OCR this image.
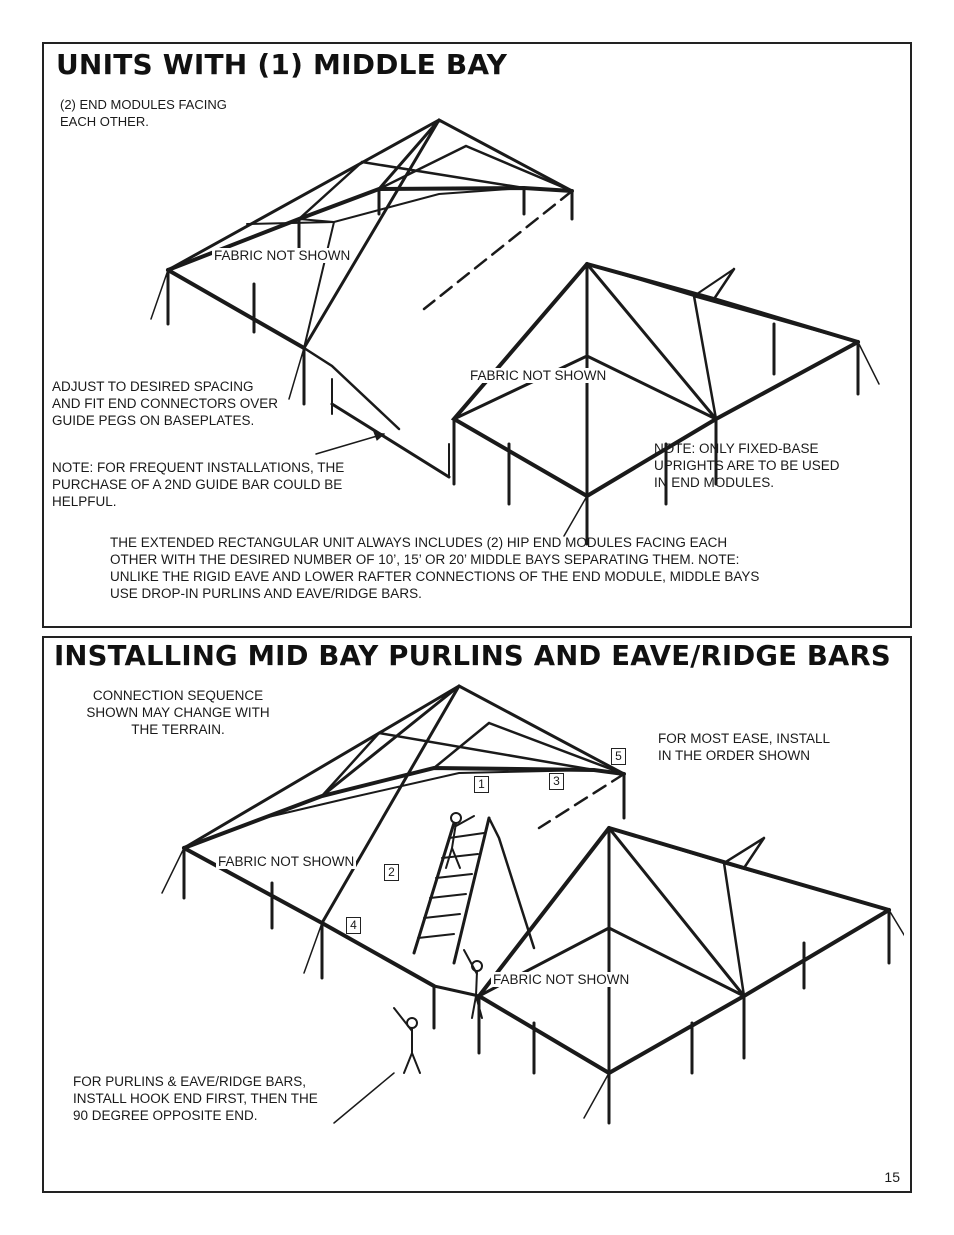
UNITS WITH (1) MIDDLE BAY
(2) END MODULES FACING
EACH OTHER.
FABRIC NOT SHOWN
FABRIC NOT SHOWN
ADJUST TO DESIRED SPACING
AND FIT END CONNECTORS OVER
GUIDE PEGS ON BASEPLATES.
NOTE: FOR FREQUENT INSTALLATIONS, THE
PURCHASE OF A 2ND GUIDE BAR COULD BE
HELPFUL.
NOTE: ONLY FIXED-BASE
UPRIGHTS ARE TO BE USED
IN END MODULES.
THE EXTENDED RECTANGULAR UNIT ALWAYS INCLUDES (2) HIP END MODULES FACING EACH
OTHER WITH THE DESIRED NUMBER OF 10’, 15’ OR 20’ MIDDLE BAYS SEPARATING THEM. NOTE:
UNLIKE THE RIGID EAVE AND LOWER RAFTER CONNECTIONS OF THE END MODULE, MIDDLE BAYS
USE DROP-IN PURLINS AND EAVE/RIDGE BARS.
INSTALLING MID BAY PURLINS AND EAVE/RIDGE BARS
CONNECTION SEQUENCE
SHOWN MAY CHANGE WITH
THE TERRAIN.
FOR MOST EASE, INSTALL
IN THE ORDER SHOWN
5
1	3
2
4
FABRIC NOT SHOWN
FABRIC NOT SHOWN
FOR PURLINS & EAVE/RIDGE BARS,
INSTALL HOOK END FIRST, THEN THE
90 DEGREE OPPOSITE END.
15
